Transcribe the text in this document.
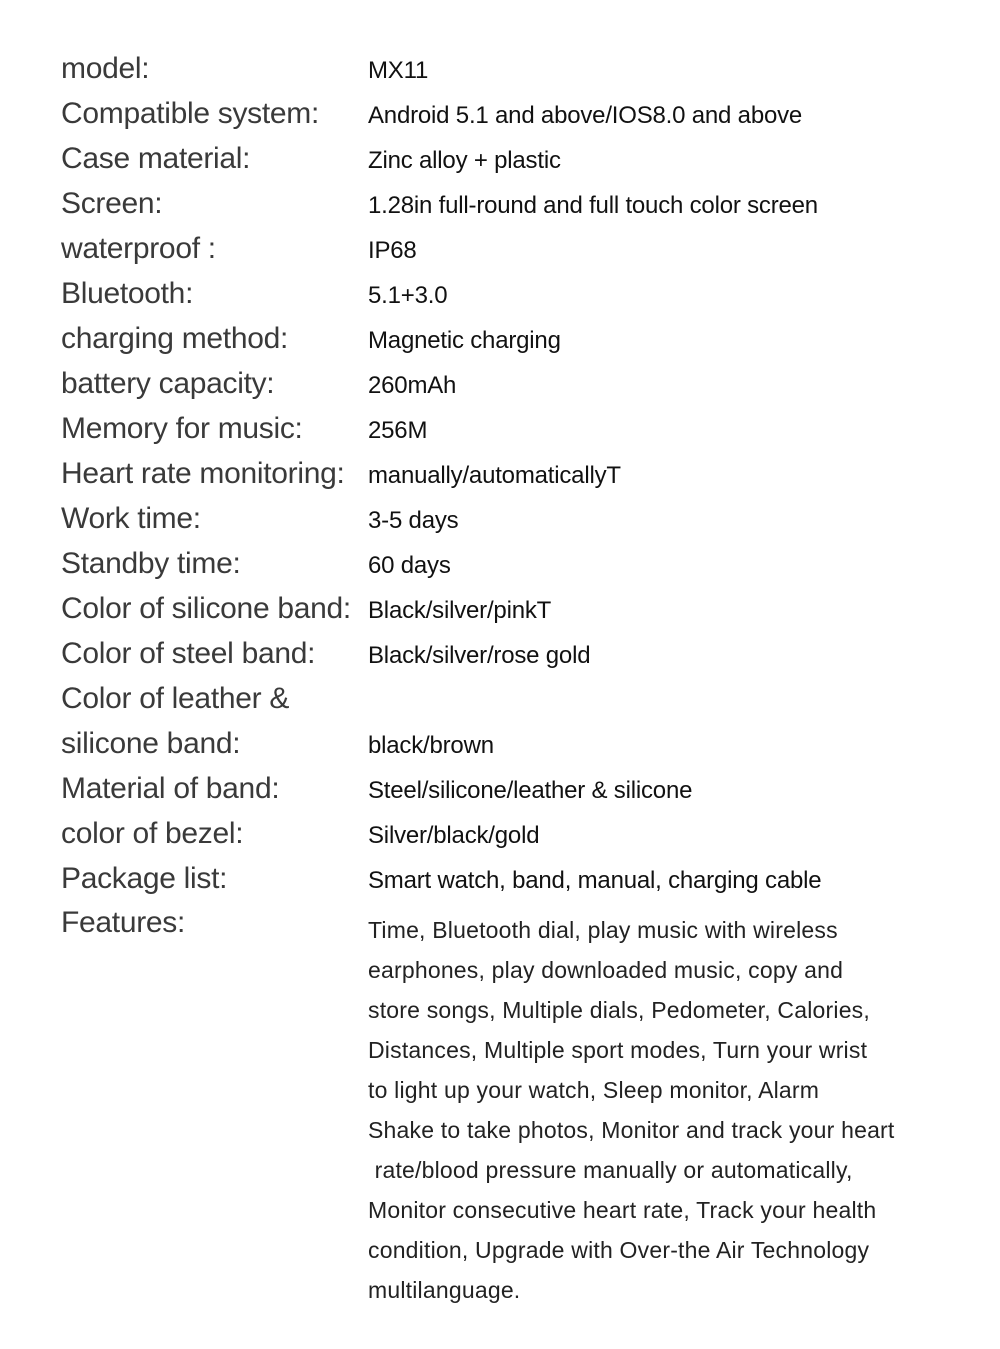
model:	MX11
Compatible system: Android 5.1 and above/IOS8.0 and above
Case material:	Zinc alloy + plastic
Screen:	1.28in full-round and full touch color screen
waterproof :	IP68
Bluetooth:	5.1+3.0
charging method:	Magnetic charging
battery capacity:	260mAh
Memory for music:	256M
Heart rate monitoring: manually/automaticallyT
Work time:	3-5 days
Standby time:	60 days
Color of silicone band: Black/silver/pinkT
Color of steel band: Black/silver/rose gold
Color of leather &
silicone band:	black/brown
Material of band:	Steel/silicone/leather & silicone
color of bezel:	Silver/black/gold
Package list:	Smart watch, band, manual, charging cable
Features:	Time, Bluetooth dial, play music with wireless
earphones, play downloaded music, copy and
store songs, Multiple dials, Pedometer, Calories,
Distances, Multiple sport modes, Turn your wrist
to light up your watch, Sleep monitor, Alarm
Shake to take photos, Monitor and track your heart
rate/blood pressure manually or automatically,
Monitor consecutive heart rate, Track your health
condition, Upgrade with Over-the Air Technology
multilanguage.
